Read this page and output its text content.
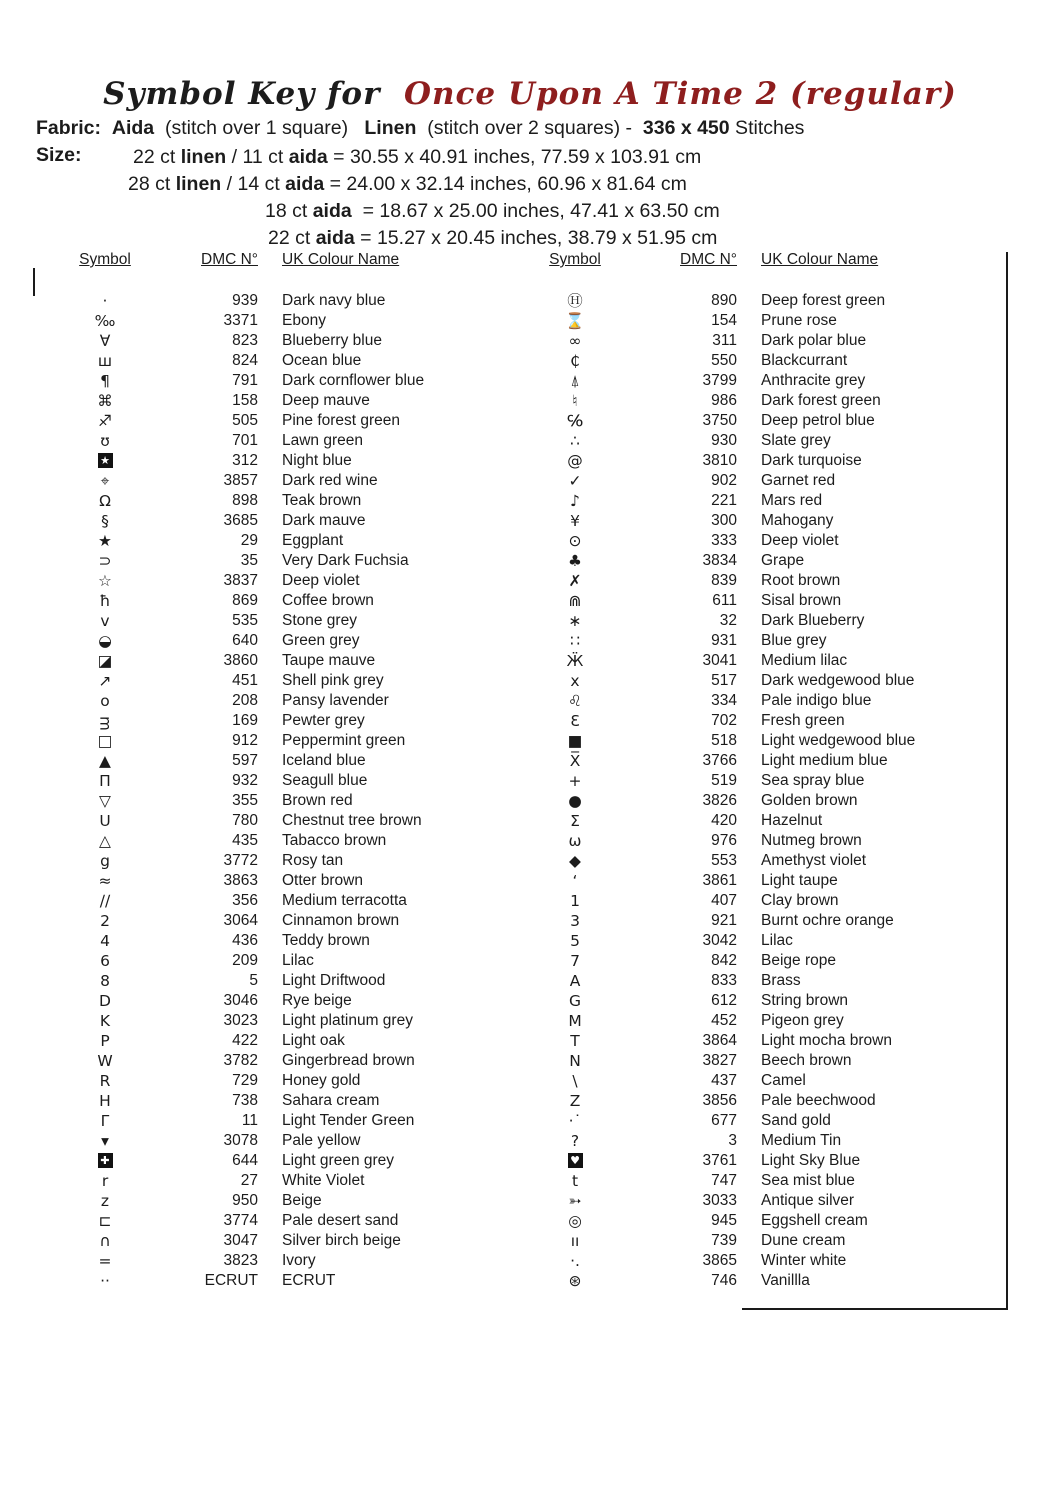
Symbol Key for  Once Upon A Time 2 (regular)
Fabric: Aida  (stitch over 1 square)   Linen  (stitch over 2 squares) -  336 x 450 Stitches
Size:	22 ct linen / 11 ct aida = 30.55 x 40.91 inches, 77.59 x 103.91 cm
28 ct linen / 14 ct aida = 24.00 x 32.14 inches, 60.96 x 81.64 cm
18 ct aida  = 18.67 x 25.00 inches, 47.41 x 63.50 cm
22 ct aida = 15.27 x 20.45 inches, 38.79 x 51.95 cm
Symbol	DMC N°	UK Colour Name
·	939	Dark navy blue
‰	3371	Ebony
∀	823	Blueberry blue
ш	824	Ocean blue
¶	791	Dark cornflower blue
⌘	158	Deep mauve
♐	505	Pine forest green
ʊ	701	Lawn green
★	312	Night blue
⌖	3857	Dark red wine
Ω	898	Teak brown
§	3685	Dark mauve
★	29	Eggplant
⊃	35	Very Dark Fuchsia
☆	3837	Deep violet
ħ	869	Coffee brown
ᴠ	535	Stone grey
◒	640	Green grey
◪	3860	Taupe mauve
↗	451	Shell pink grey
o	208	Pansy lavender
ᴟ	169	Pewter grey
□	912	Peppermint green
▲	597	Iceland blue
Π	932	Seagull blue
▽	355	Brown red
U	780	Chestnut tree brown
△	435	Tabacco brown
g	3772	Rosy tan
≈	3863	Otter brown
∕∕	356	Medium terracotta
2	3064	Cinnamon brown
4	436	Teddy brown
6	209	Lilac
8	5	Light Driftwood
D	3046	Rye beige
K	3023	Light platinum grey
P	422	Light oak
W	3782	Gingerbread brown
R	729	Honey gold
H	738	Sahara cream
Γ	11	Light Tender Green
▾	3078	Pale yellow
✚	644	Light green grey
r	27	White Violet
z	950	Beige
⊏	3774	Pale desert sand
∩	3047	Silver birch beige
=	3823	Ivory
··	ECRUT	ECRUT
Symbol	DMC N°	UK Colour Name
Ⓗ	890	Deep forest green
⌛	154	Prune rose
∞	311	Dark polar blue
₵	550	Blackcurrant
⍋	3799	Anthracite grey
♮	986	Dark forest green
℅	3750	Deep petrol blue
∴	930	Slate grey
@	3810	Dark turquoise
✓	902	Garnet red
♪	221	Mars red
¥	300	Mahogany
⊙	333	Deep violet
♣	3834	Grape
✗	839	Root brown
⋒	611	Sisal brown
∗	32	Dark Blueberry
∷	931	Blue grey
Ӝ	3041	Medium lilac
x	517	Dark wedgewood blue
♌	334	Pale indigo blue
Ɛ	702	Fresh green
■	518	Light wedgewood blue
X̅	3766	Light medium blue
+	519	Sea spray blue
●	3826	Golden brown
Σ	420	Hazelnut
ω	976	Nutmeg brown
◆	553	Amethyst violet
‘	3861	Light taupe
1	407	Clay brown
3	921	Burnt ochre orange
5	3042	Lilac
7	842	Beige rope
A	833	Brass
G	612	String brown
M	452	Pigeon grey
T	3864	Light mocha brown
N	3827	Beech brown
\	437	Camel
Z	3856	Pale beechwood
·˙	677	Sand gold
?	3	Medium Tin
♥	3761	Light Sky Blue
t	747	Sea mist blue
➳	3033	Antique silver
◎	945	Eggshell cream
ıı	739	Dune cream
·.	3865	Winter white
⊛	746	Vanillla
